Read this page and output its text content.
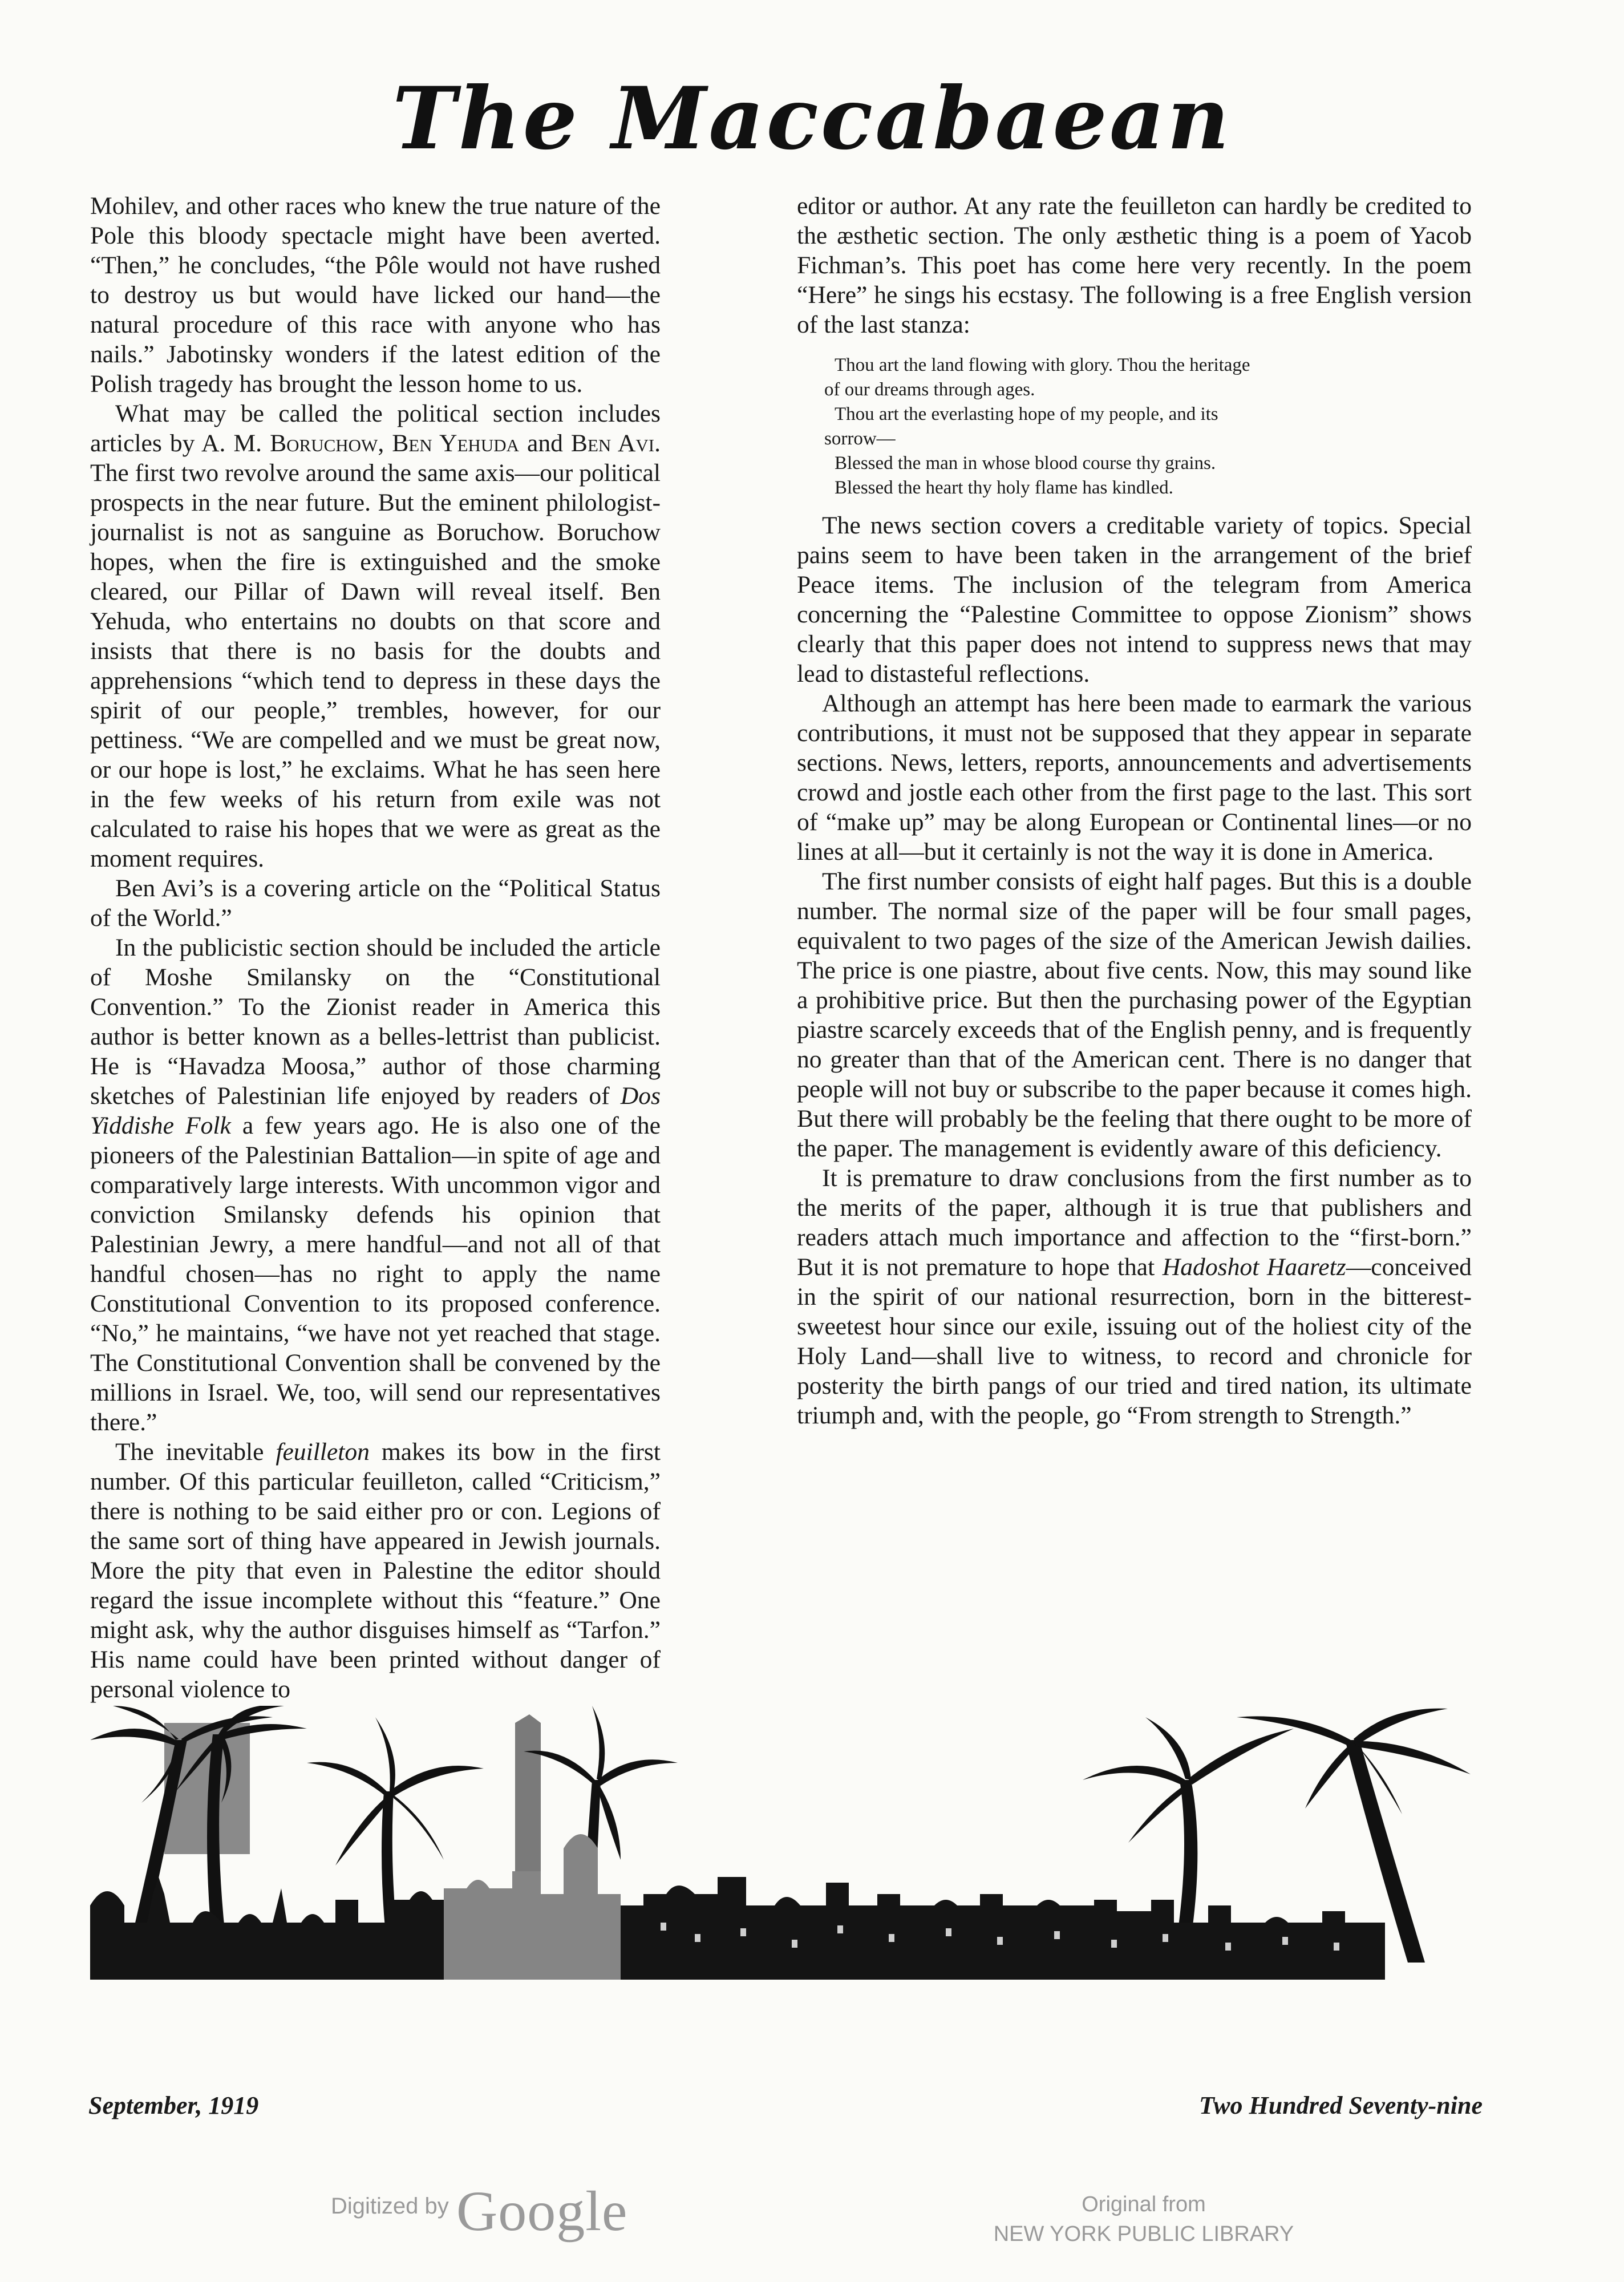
The Maccabaean

Mohilev, and other races who knew the true nature of the Pole this bloody spectacle might have been averted. “Then,” he concludes, “the Pôle would not have rushed to destroy us but would have licked our hand—the natural procedure of this race with anyone who has nails.” Jabotinsky wonders if the latest edition of the Polish tragedy has brought the lesson home to us.

What may be called the political section includes articles by A. M. Boruchow, Ben Yehuda and Ben Avi. The first two revolve around the same axis—our political prospects in the near future. But the eminent philologist-journalist is not as sanguine as Boruchow. Boruchow hopes, when the fire is extinguished and the smoke cleared, our Pillar of Dawn will reveal itself. Ben Yehuda, who entertains no doubts on that score and insists that there is no basis for the doubts and apprehensions “which tend to depress in these days the spirit of our people,” trembles, however, for our pettiness. “We are compelled and we must be great now, or our hope is lost,” he exclaims. What he has seen here in the few weeks of his return from exile was not calculated to raise his hopes that we were as great as the moment requires.

Ben Avi’s is a covering article on the “Political Status of the World.”

In the publicistic section should be included the article of Moshe Smilansky on the “Constitutional Convention.” To the Zionist reader in America this author is better known as a belles-lettrist than publicist. He is “Havadza Moosa,” author of those charming sketches of Palestinian life enjoyed by readers of Dos Yiddishe Folk a few years ago. He is also one of the pioneers of the Palestinian Battalion—in spite of age and comparatively large interests. With uncommon vigor and conviction Smilansky defends his opinion that Palestinian Jewry, a mere handful—and not all of that handful chosen—has no right to apply the name Constitutional Convention to its proposed conference. “No,” he maintains, “we have not yet reached that stage. The Constitutional Convention shall be convened by the millions in Israel. We, too, will send our representatives there.”

The inevitable feuilleton makes its bow in the first number. Of this particular feuilleton, called “Criticism,” there is nothing to be said either pro or con. Legions of the same sort of thing have appeared in Jewish journals. More the pity that even in Palestine the editor should regard the issue incomplete without this “feature.” One might ask, why the author disguises himself as “Tarfon.” His name could have been printed without danger of personal violence to

editor or author. At any rate the feuilleton can hardly be credited to the æsthetic section. The only æsthetic thing is a poem of Yacob Fichman’s. This poet has come here very recently. In the poem “Here” he sings his ecstasy. The following is a free English version of the last stanza:

Thou art the land flowing with glory. Thou the heritage
of our dreams through ages.
Thou art the everlasting hope of my people, and its
sorrow—
Blessed the man in whose blood course thy grains.
Blessed the heart thy holy flame has kindled.

The news section covers a creditable variety of topics. Special pains seem to have been taken in the arrangement of the brief Peace items. The inclusion of the telegram from America concerning the “Palestine Committee to oppose Zionism” shows clearly that this paper does not intend to suppress news that may lead to distasteful reflections.

Although an attempt has here been made to earmark the various contributions, it must not be supposed that they appear in separate sections. News, letters, reports, announcements and advertisements crowd and jostle each other from the first page to the last. This sort of “make up” may be along European or Continental lines—or no lines at all—but it certainly is not the way it is done in America.

The first number consists of eight half pages. But this is a double number. The normal size of the paper will be four small pages, equivalent to two pages of the size of the American Jewish dailies. The price is one piastre, about five cents. Now, this may sound like a prohibitive price. But then the purchasing power of the Egyptian piastre scarcely exceeds that of the English penny, and is frequently no greater than that of the American cent. There is no danger that people will not buy or subscribe to the paper because it comes high. But there will probably be the feeling that there ought to be more of the paper. The management is evidently aware of this deficiency.

It is premature to draw conclusions from the first number as to the merits of the paper, although it is true that publishers and readers attach much importance and affection to the “first-born.” But it is not premature to hope that Hadoshot Haaretz—conceived in the spirit of our national resurrection, born in the bitterest-sweetest hour since our exile, issuing out of the holiest city of the Holy Land—shall live to witness, to record and chronicle for posterity the birth pangs of our tried and tired nation, its ultimate triumph and, with the people, go “From strength to Strength.”

September, 1919	Two Hundred Seventy-nine
Digitized by Google	Original from
NEW YORK PUBLIC LIBRARY
